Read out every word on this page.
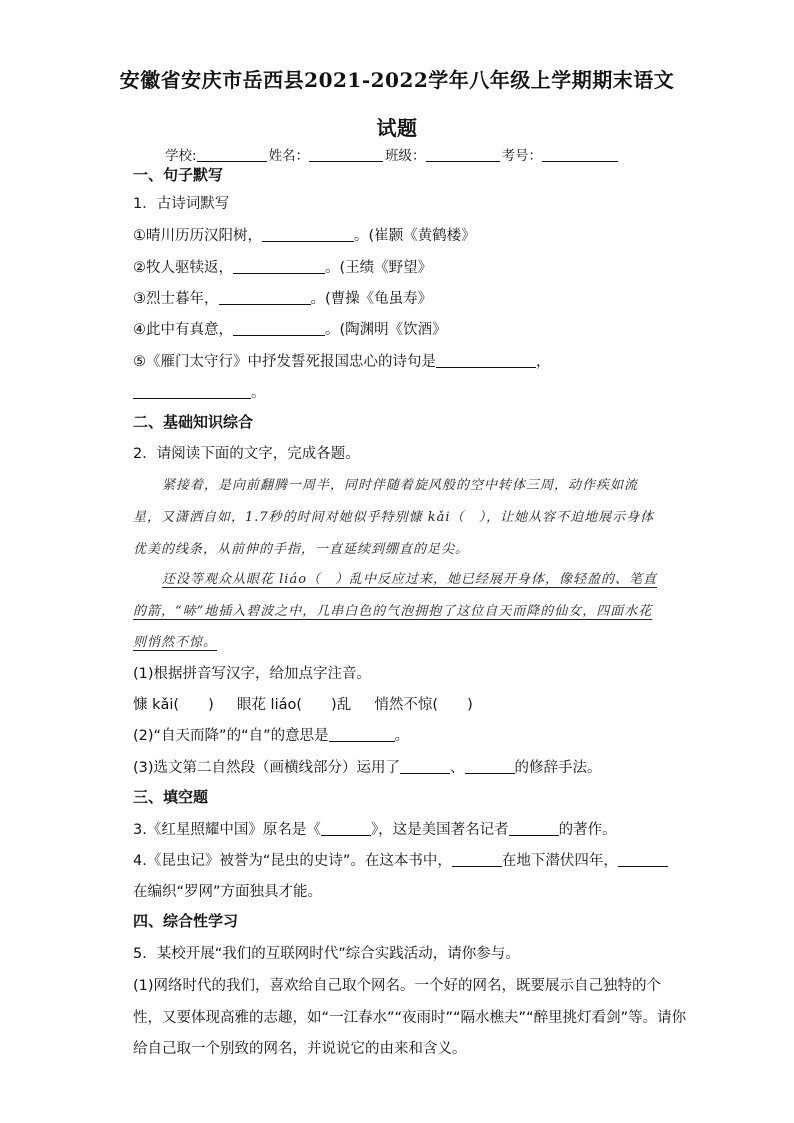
安徽省安庆市岳西县2021-2022学年八年级上学期期末语文
试题
学校:	姓名：	班级：	考号：
一、句子默写
1．古诗词默写
①晴川历历汉阳树，	。(崔颢《黄鹤楼》
②牧人驱犊返，	。(王绩《野望》
③烈士暮年，	。(曹操《龟虽寿》
④此中有真意，	。(陶渊明《饮酒》
⑤《雁门太守行》中抒发誓死报国忠心的诗句是	，
。
二、基础知识综合
2．请阅读下面的文字，完成各题。
紧接着，是向前翻腾一周半，同时伴随着旋风般的空中转体三周，动作疾如流
星，又潇洒自如，1.7秒的时间对她似乎特别慷 kǎi（　），让她从容不迫地展示身体
优美的线条，从前伸的手指，一直延续到绷直的足尖。
还没等观众从眼花 liáo（　）乱中反应过来，她已经展开身体，像轻盈的、笔直
的箭，“哧”地插入碧波之中，几串白色的气泡拥抱了这位自天而降的仙女，四面水花
则悄然不惊。
(1)根据拼音写汉字，给加点字注音。
慷 kǎi(　　) 眼花 liáo(　　)乱 悄然不惊(　　)
(2)“自天而降”的“自”的意思是	。
(3)选文第二自然段（画横线部分）运用了	、	的修辞手法。
三、填空题
3.《红星照耀中国》原名是《	》，这是美国著名记者	的著作。
4.《昆虫记》被誉为“昆虫的史诗”。在这本书中，	在地下潜伏四年，
在编织“罗网”方面独具才能。
四、综合性学习
5．某校开展“我们的互联网时代”综合实践活动，请你参与。
(1)网络时代的我们，喜欢给自己取个网名。一个好的网名，既要展示自己独特的个
性，又要体现高雅的志趣，如“一江春水”“夜雨时”“隔水樵夫”“醉里挑灯看剑”等。请你
给自己取一个别致的网名，并说说它的由来和含义。
